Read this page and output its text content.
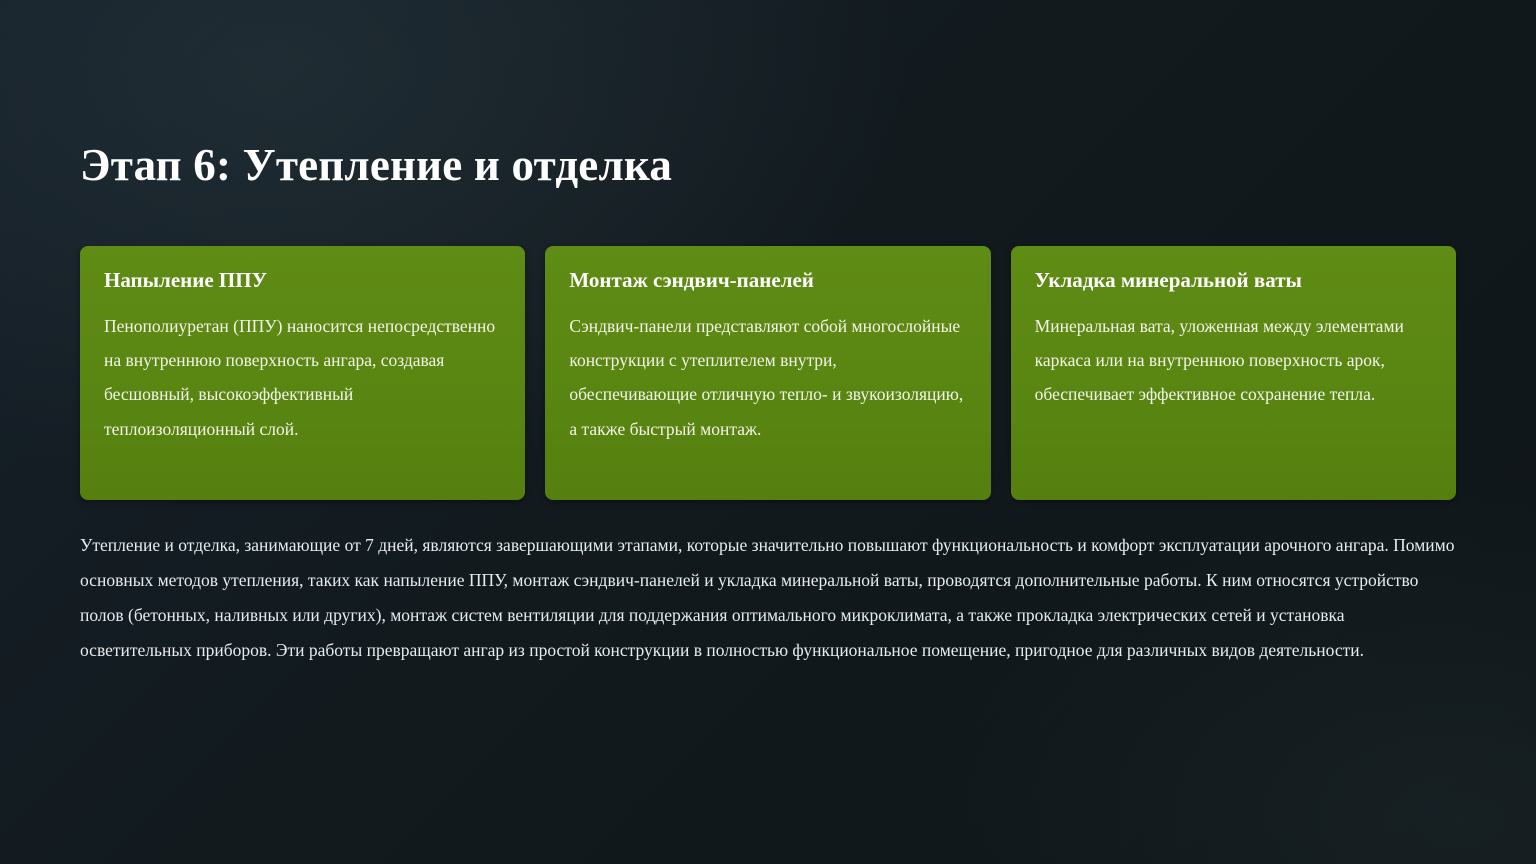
Этап 6: Утепление и отделка
Напыление ППУ

Пенополиуретан (ППУ) наносится непосредственно на внутреннюю поверхность ангара, создавая бесшовный, высокоэффективный теплоизоляционный слой.

Монтаж сэндвич-панелей

Сэндвич-панели представляют собой многослойные конструкции с утеплителем внутри, обеспечивающие отличную тепло- и звукоизоляцию, а также быстрый монтаж.

Укладка минеральной ваты

Минеральная вата, уложенная между элементами каркаса или на внутреннюю поверхность арок, обеспечивает эффективное сохранение тепла.

Утепление и отделка, занимающие от 7 дней, являются завершающими этапами, которые значительно повышают функциональность и комфорт эксплуатации арочного ангара. Помимо основных методов утепления, таких как напыление ППУ, монтаж сэндвич-панелей и укладка минеральной ваты, проводятся дополнительные работы. К ним относятся устройство полов (бетонных, наливных или других), монтаж систем вентиляции для поддержания оптимального микроклимата, а также прокладка электрических сетей и установка осветительных приборов. Эти работы превращают ангар из простой конструкции в полностью функциональное помещение, пригодное для различных видов деятельности.
